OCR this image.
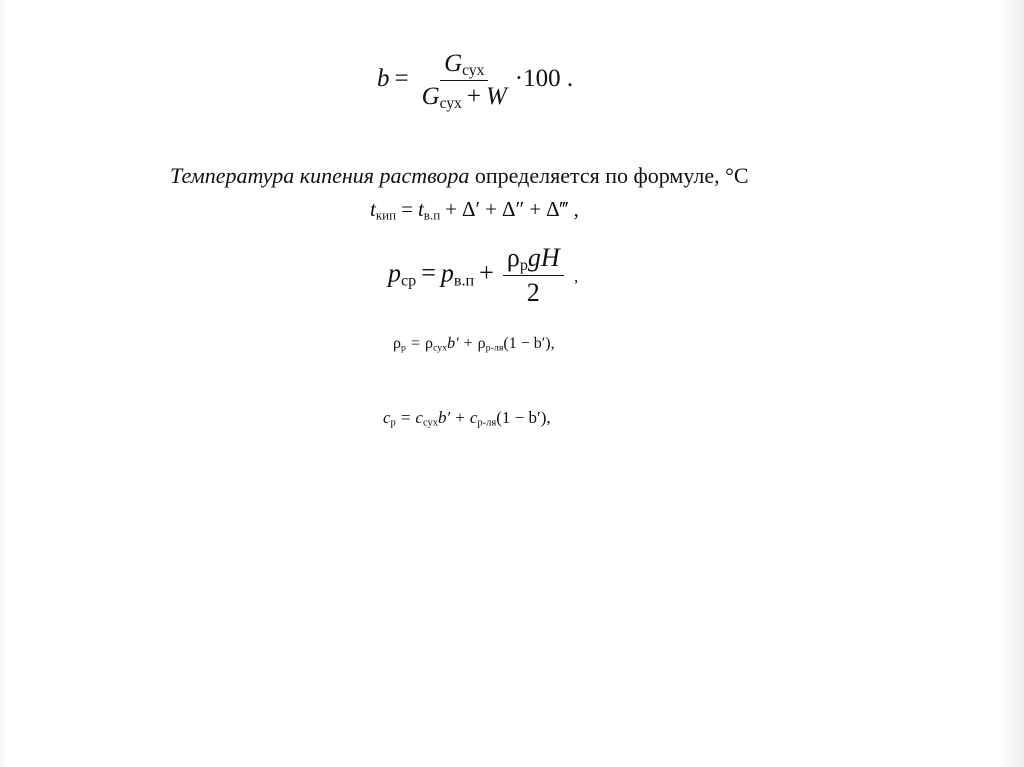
$b = \frac{G_{сух}}{G_{сух} + W} \cdot 100$ .
Температура кипения раствора определяется по формуле, °С
$t_{кип} = t_{в.п} + \Delta' + \Delta''$ + Δ‴ ,
$p_{ср} = p_{в.п} + \frac{\rho_рgH}{2}$ ,
$\rho_р = \rho_{сух}b' + \rho_{р-ля}(1 - b')$,
$c_р = c_{сух}b' + c_{р-ля}(1 - b')$,
